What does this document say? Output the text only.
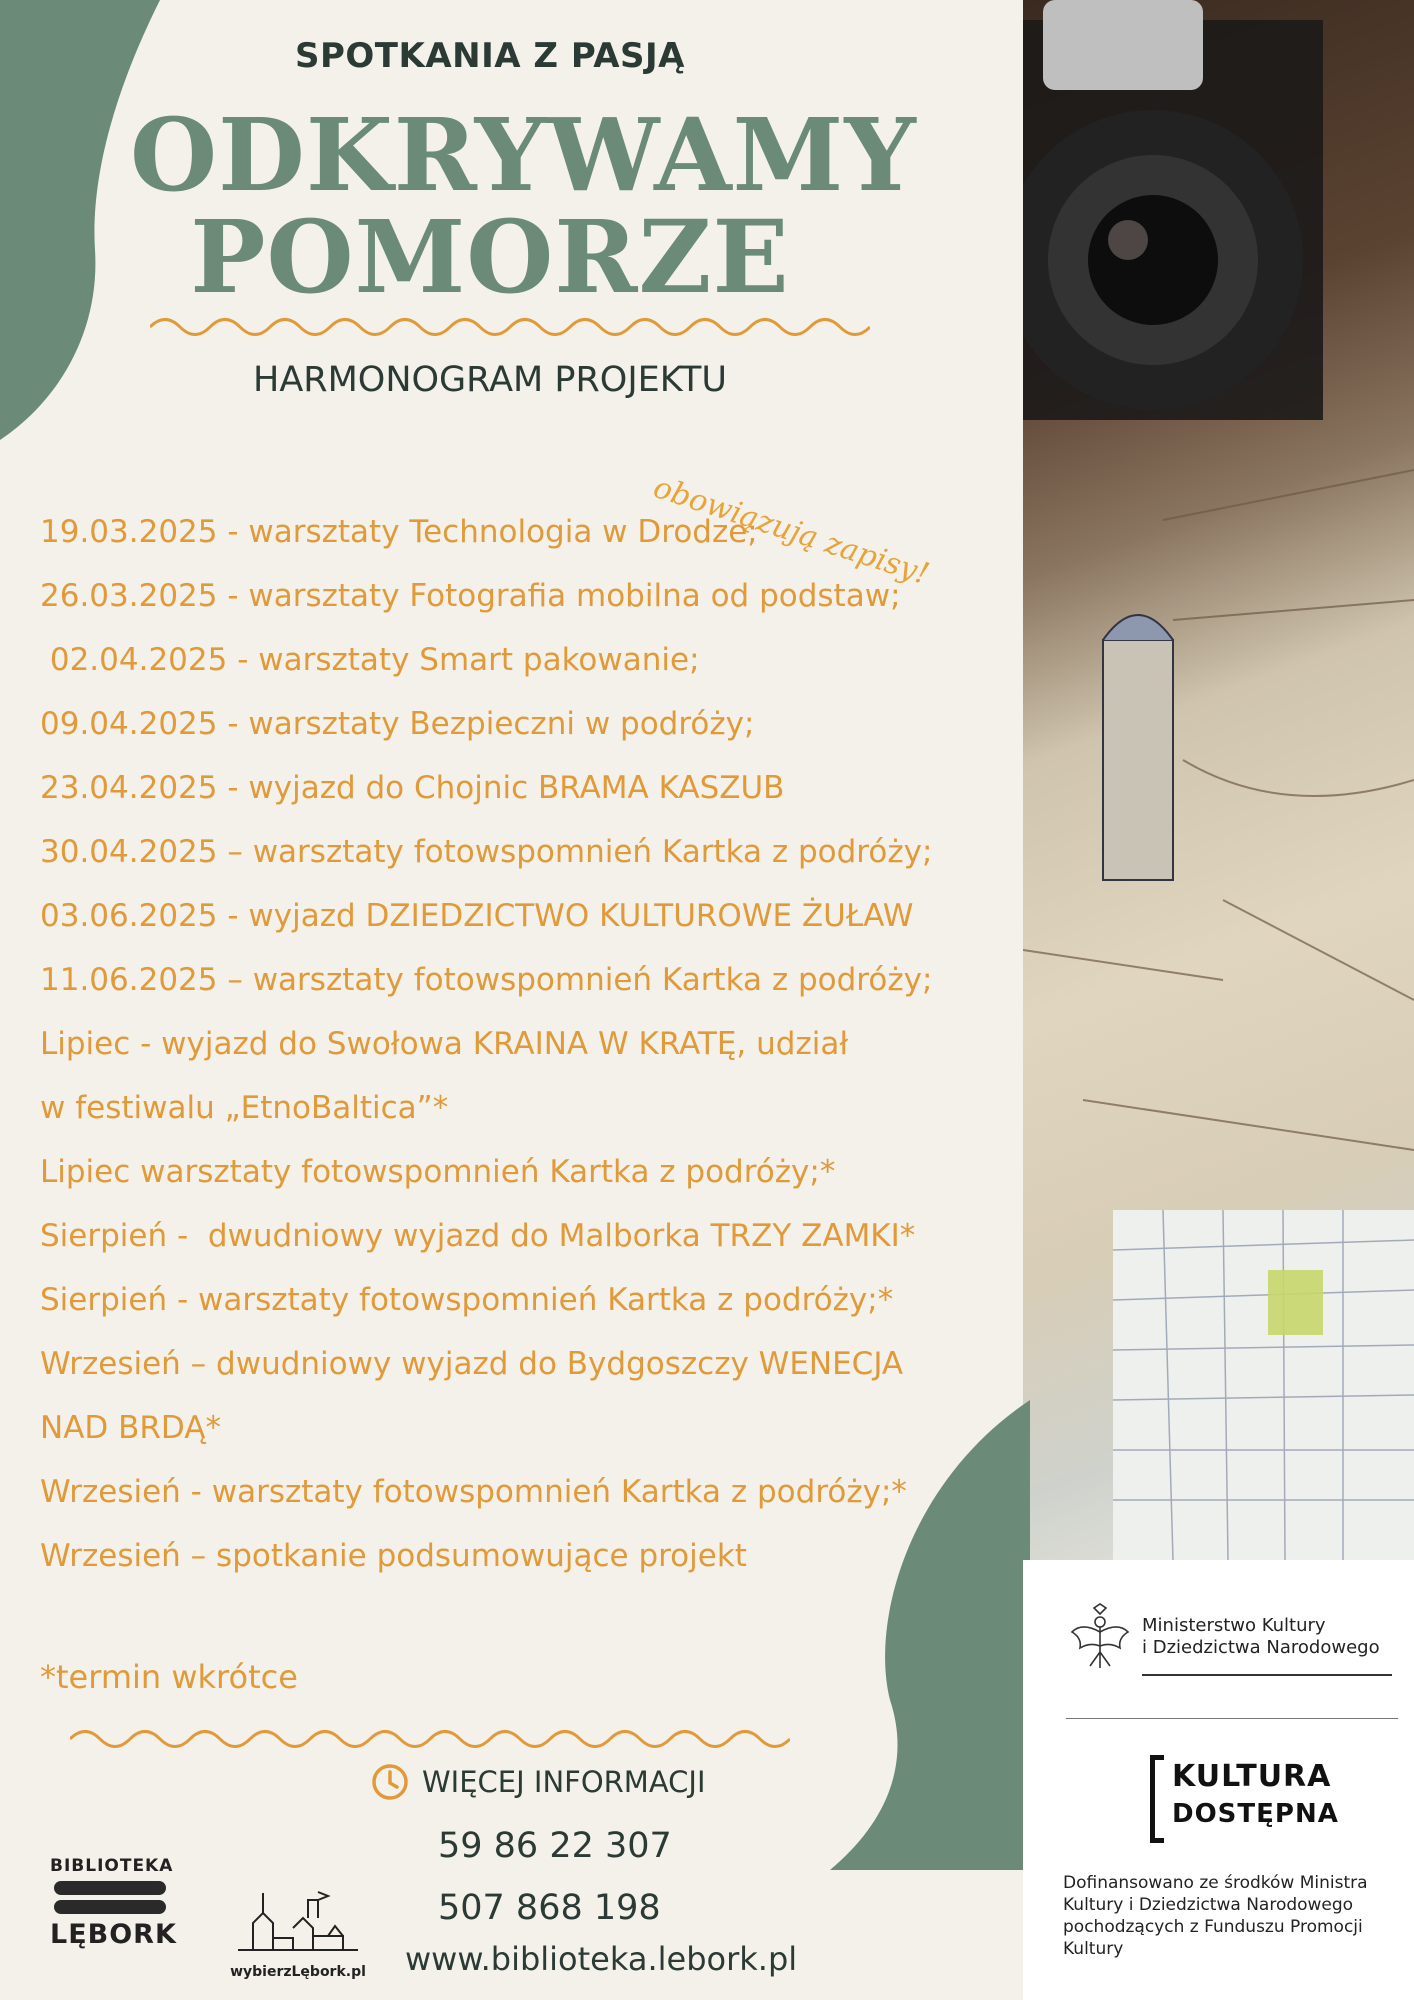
SPOTKANIA Z PASJĄ
ODKRYWAMY
POMORZE
HARMONOGRAM PROJEKTU
obowiązują zapisy!
19.03.2025 - warsztaty Technologia w Drodze;
26.03.2025 - warsztaty Fotografia mobilna od podstaw;
02.04.2025 - warsztaty Smart pakowanie;
09.04.2025 - warsztaty Bezpieczni w podróży;
23.04.2025 - wyjazd do Chojnic BRAMA KASZUB
30.04.2025 – warsztaty fotowspomnień Kartka z podróży;
03.06.2025 - wyjazd DZIEDZICTWO KULTUROWE ŻUŁAW
11.06.2025 – warsztaty fotowspomnień Kartka z podróży;
Lipiec - wyjazd do Swołowa KRAINA W KRATĘ, udział
w festiwalu „EtnoBaltica”*
Lipiec warsztaty fotowspomnień Kartka z podróży;*
Sierpień -  dwudniowy wyjazd do Malborka TRZY ZAMKI*
Sierpień - warsztaty fotowspomnień Kartka z podróży;*
Wrzesień – dwudniowy wyjazd do Bydgoszczy WENECJA
NAD BRDĄ*
Wrzesień - warsztaty fotowspomnień Kartka z podróży;*
Wrzesień – spotkanie podsumowujące projekt
*termin wkrótce
WIĘCEJ INFORMACJI
59 86 22 307
507 868 198
www.biblioteka.lebork.pl
BIBLIOTEKA
LĘBORK
wybierzLębork.pl
Ministerstwo Kultury
i Dziedzictwa Narodowego
KULTURA
DOSTĘPNA
Dofinansowano ze środków Ministra Kultury i Dziedzictwa Narodowego pochodzących z Funduszu Promocji Kultury
